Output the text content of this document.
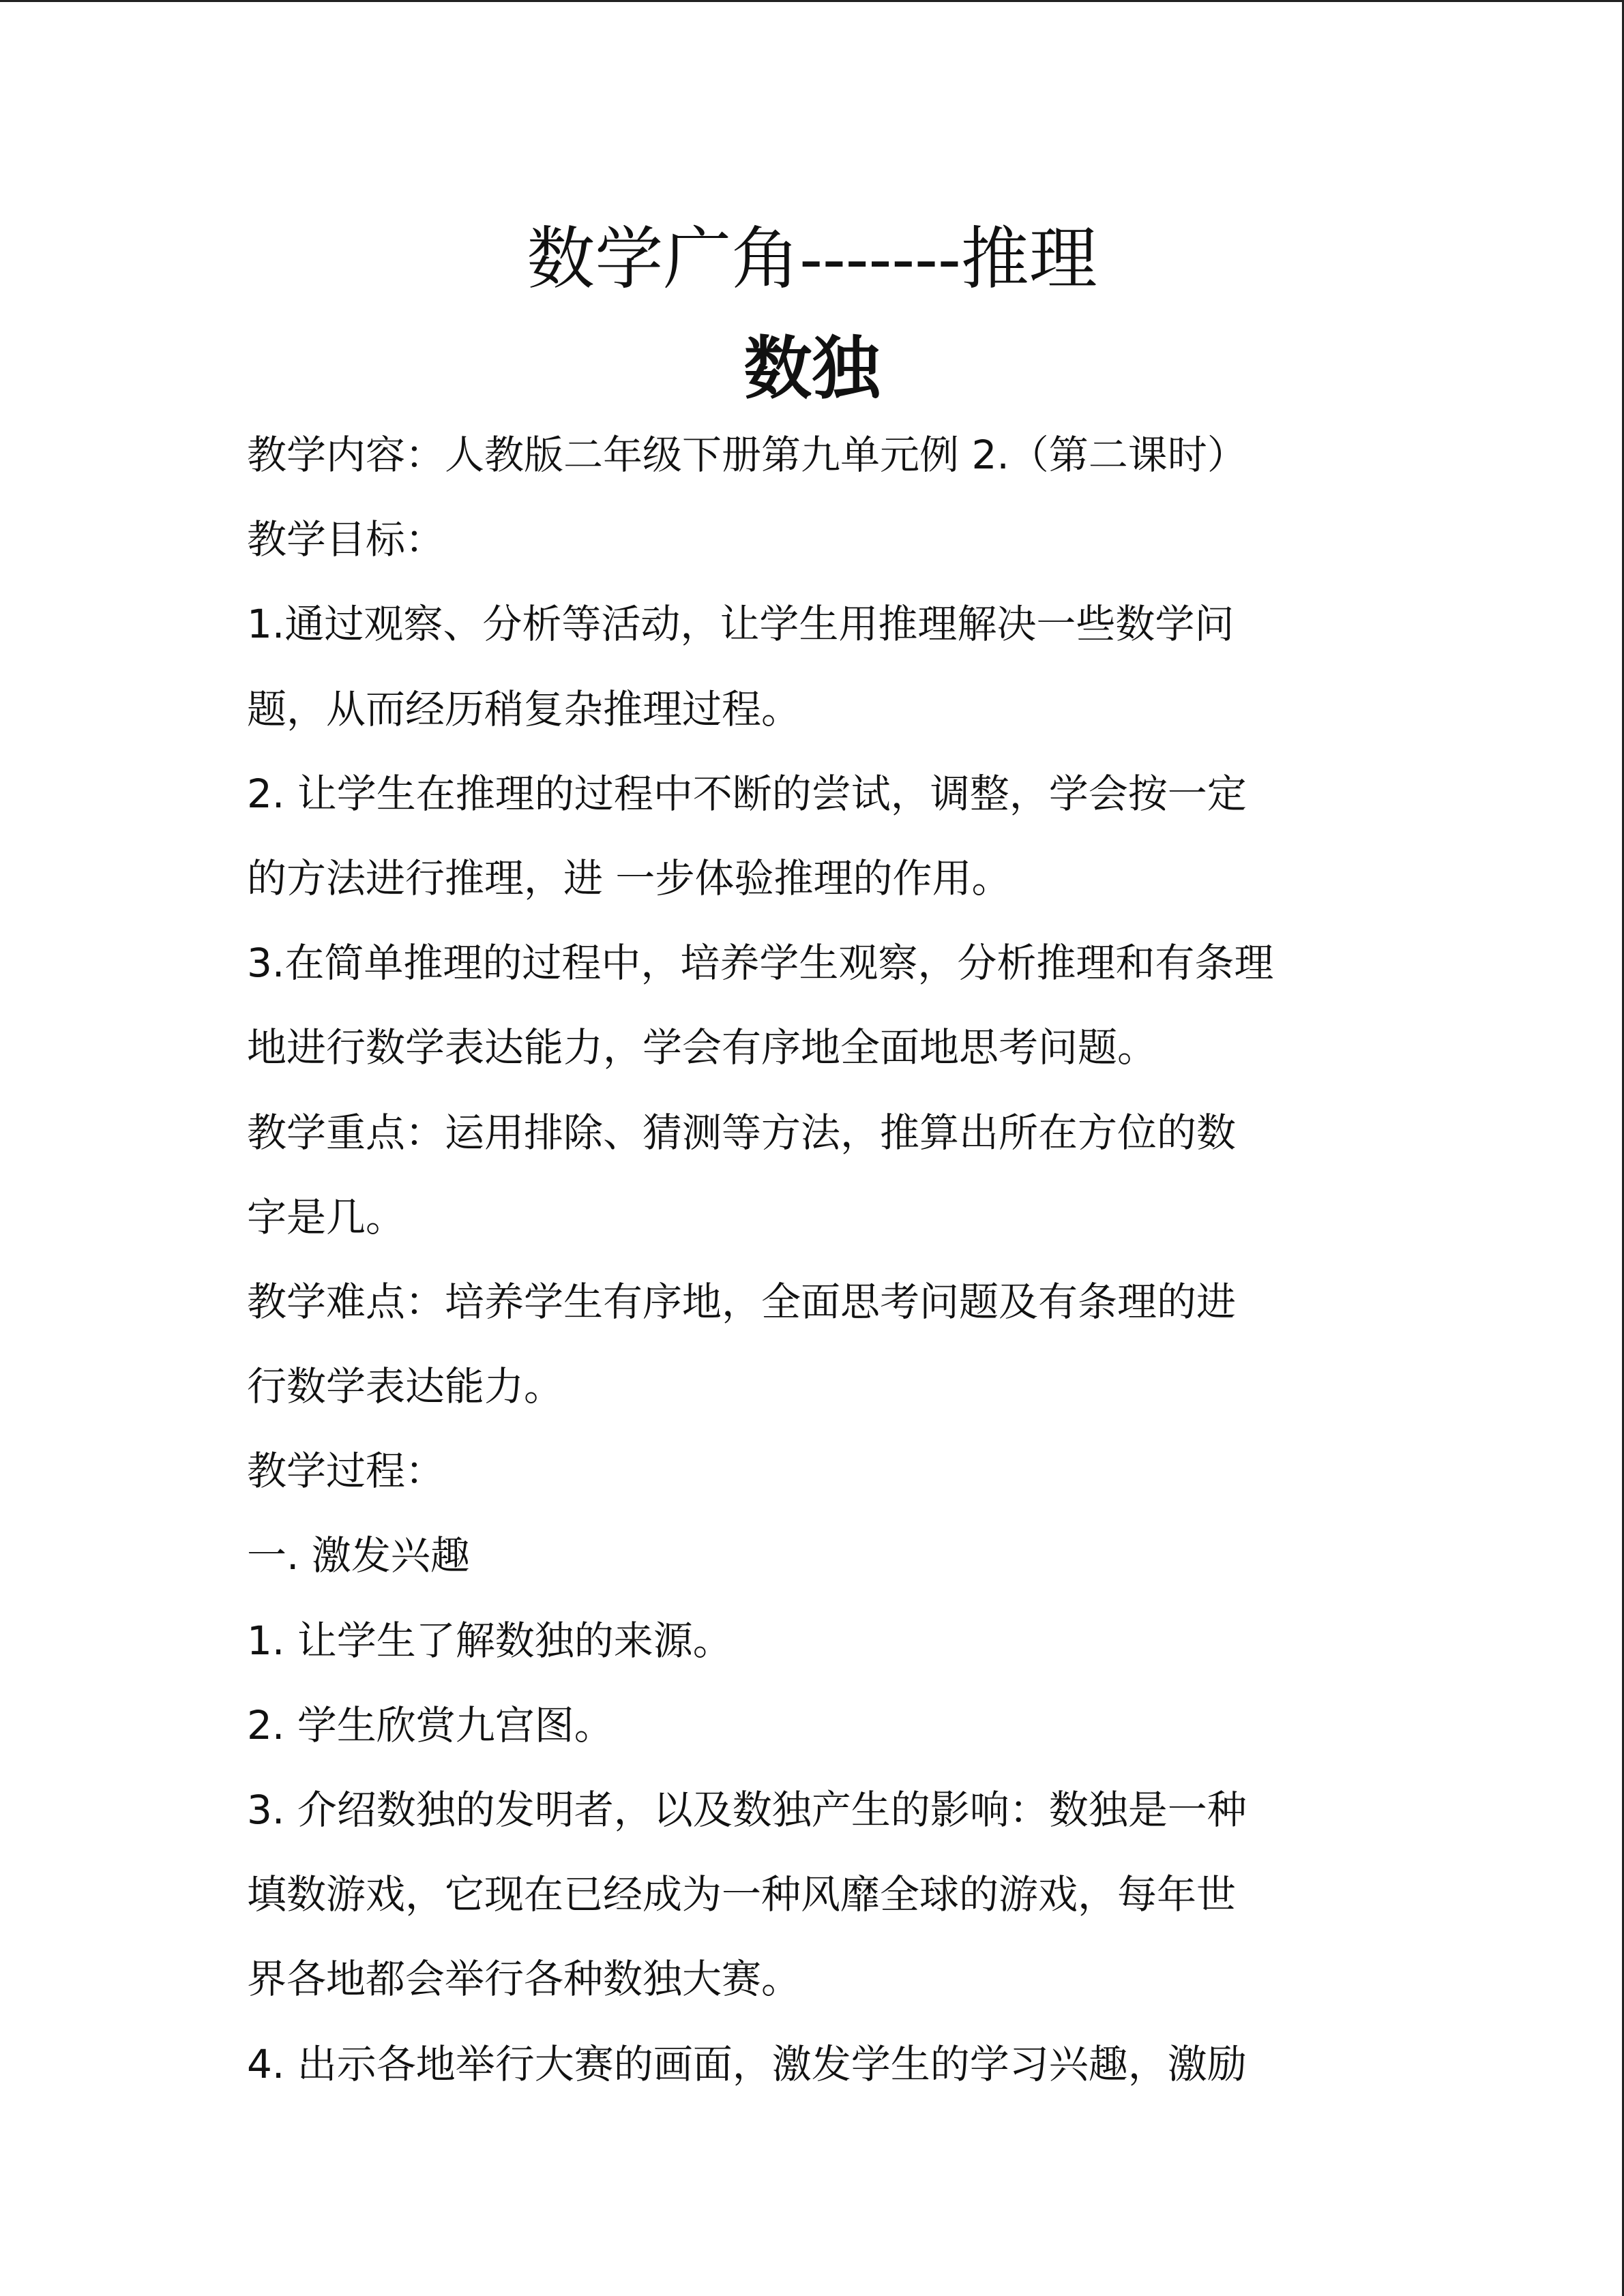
数学广角-------推理
数独

教学内容：人教版二年级下册第九单元例 2.（第二课时）

教学目标：

1.通过观察、分析等活动，让学生用推理解决一些数学问

题，从而经历稍复杂推理过程。

2. 让学生在推理的过程中不断的尝试，调整，学会按一定

的方法进行推理，进 一步体验推理的作用。

3.在简单推理的过程中，培养学生观察，分析推理和有条理

地进行数学表达能力，学会有序地全面地思考问题。

教学重点：运用排除、猜测等方法，推算出所在方位的数

字是几。

教学难点：培养学生有序地，全面思考问题及有条理的进

行数学表达能力。

教学过程：

一. 激发兴趣

1. 让学生了解数独的来源。

2. 学生欣赏九宫图。

3. 介绍数独的发明者，以及数独产生的影响：数独是一种

填数游戏，它现在已经成为一种风靡全球的游戏，每年世

界各地都会举行各种数独大赛。

4. 出示各地举行大赛的画面，激发学生的学习兴趣，激励
